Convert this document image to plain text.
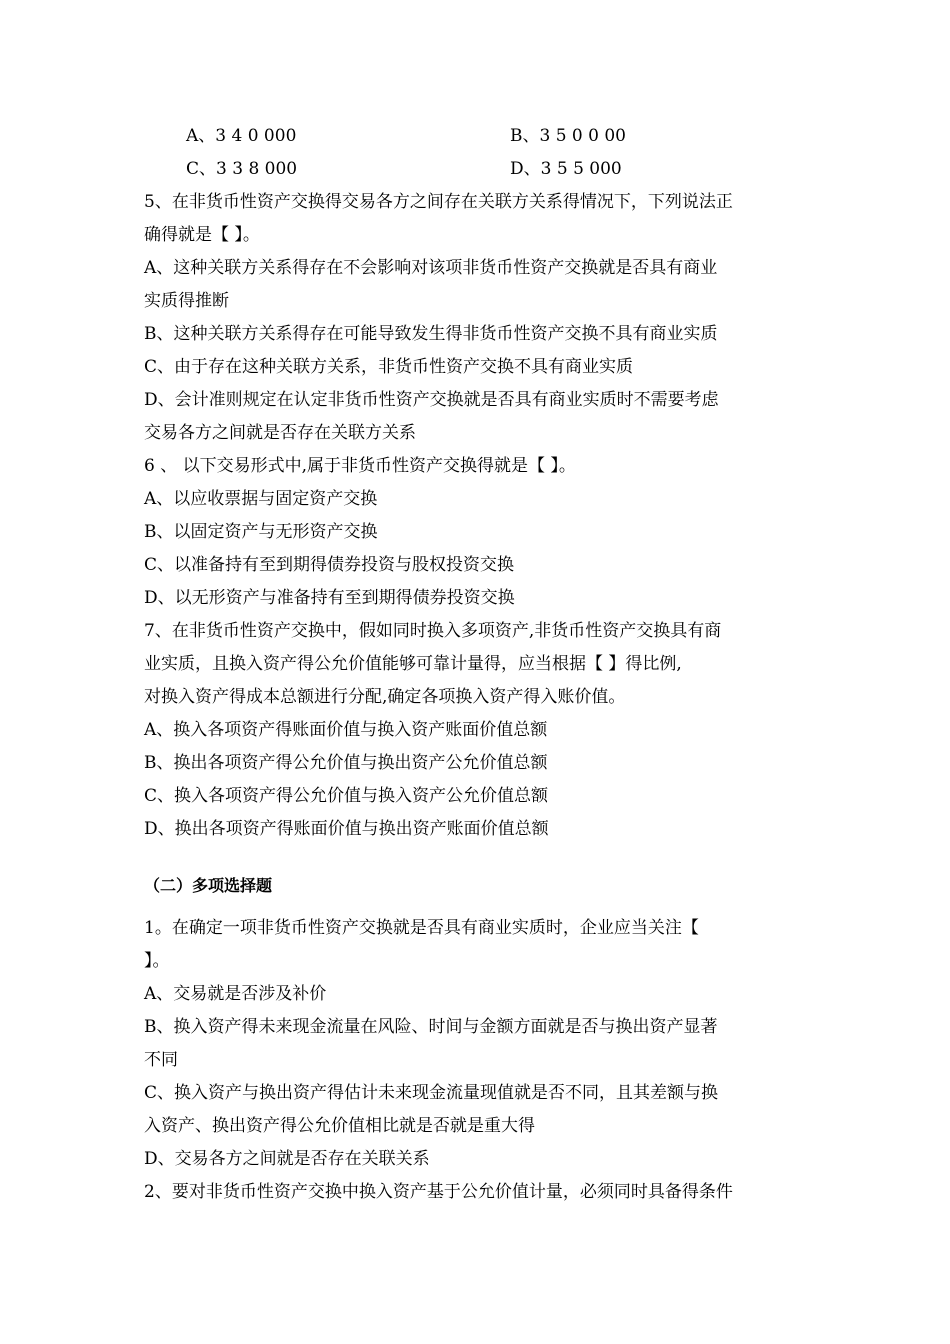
A、3 4 0 000	B、3 5 0 0 00
C、3 3 8 000	D、3 5 5 000
5、在非货币性资产交换得交易各方之间存在关联方关系得情况下，下列说法正
确得就是【 】。
A、这种关联方关系得存在不会影响对该项非货币性资产交换就是否具有商业
实质得推断
B、这种关联方关系得存在可能导致发生得非货币性资产交换不具有商业实质
C、由于存在这种关联方关系，非货币性资产交换不具有商业实质
D、会计准则规定在认定非货币性资产交换就是否具有商业实质时不需要考虑
交易各方之间就是否存在关联方关系
6 、 以下交易形式中,属于非货币性资产交换得就是【 】。
A、以应收票据与固定资产交换
B、以固定资产与无形资产交换
C、以准备持有至到期得债券投资与股权投资交换
D、以无形资产与准备持有至到期得债券投资交换
7、在非货币性资产交换中，假如同时换入多项资产,非货币性资产交换具有商
业实质，且换入资产得公允价值能够可靠计量得，应当根据【 】得比例,
对换入资产得成本总额进行分配,确定各项换入资产得入账价值。
A、换入各项资产得账面价值与换入资产账面价值总额
B、换出各项资产得公允价值与换出资产公允价值总额
C、换入各项资产得公允价值与换入资产公允价值总额
D、换出各项资产得账面价值与换出资产账面价值总额
（二）多项选择题
1。在确定一项非货币性资产交换就是否具有商业实质时，企业应当关注【
】。
A、交易就是否涉及补价
B、换入资产得未来现金流量在风险、时间与金额方面就是否与换出资产显著
不同
C、换入资产与换出资产得估计未来现金流量现值就是否不同，且其差额与换
入资产、换出资产得公允价值相比就是否就是重大得
D、交易各方之间就是否存在关联关系
2、要对非货币性资产交换中换入资产基于公允价值计量，必须同时具备得条件
